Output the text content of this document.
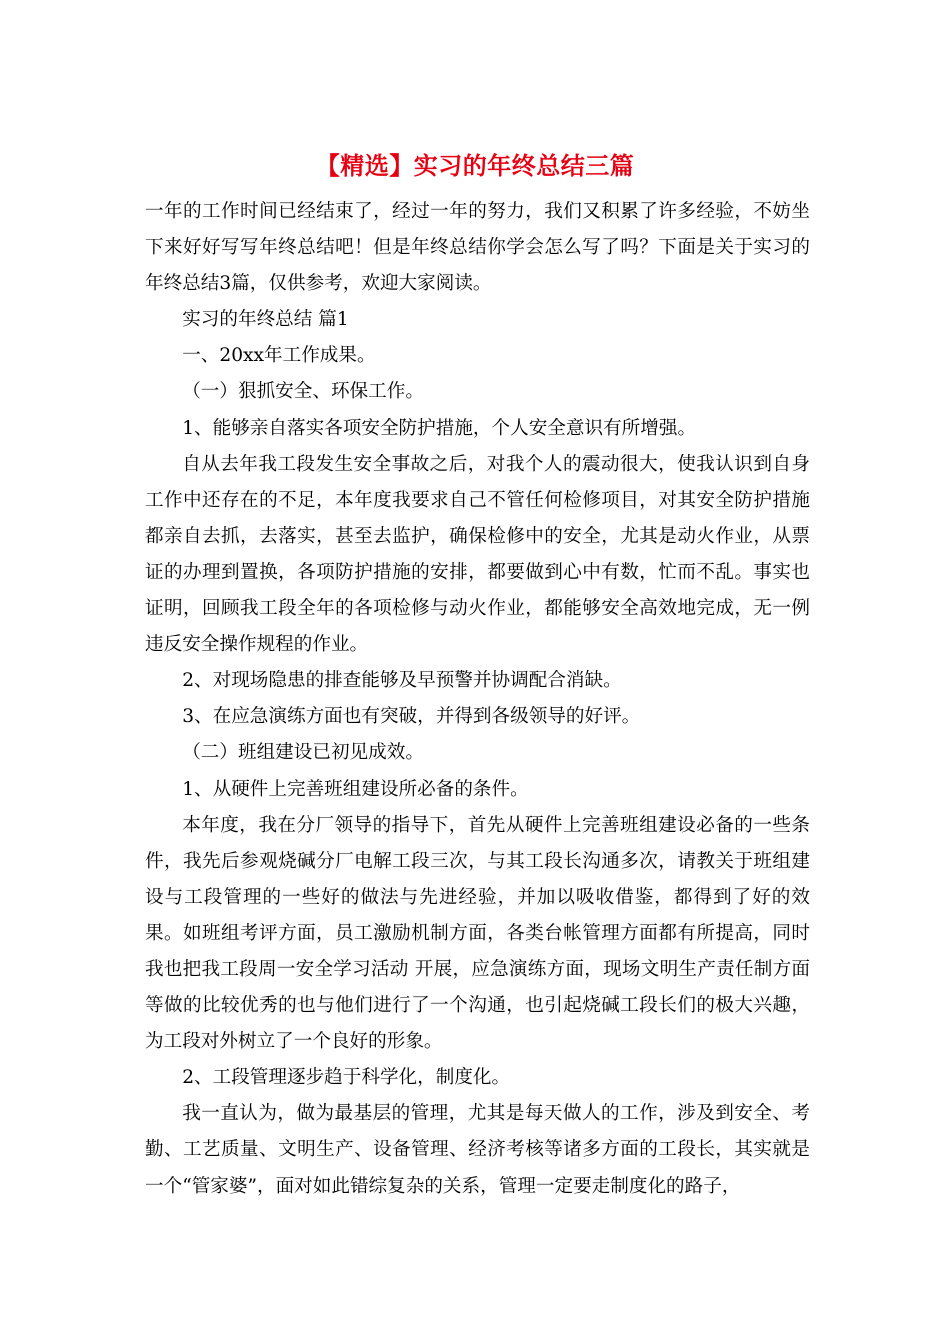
【精选】实习的年终总结三篇

一年的工作时间已经结束了，经过一年的努力，我们又积累了许多经验，不妨坐下来好好写写年终总结吧！但是年终总结你学会怎么写了吗？下面是关于实习的年终总结3篇，仅供参考，欢迎大家阅读。

实习的年终总结 篇1

一、20xx年工作成果。

（一）狠抓安全、环保工作。

1、能够亲自落实各项安全防护措施，个人安全意识有所增强。

自从去年我工段发生安全事故之后，对我个人的震动很大，使我认识到自身工作中还存在的不足，本年度我要求自己不管任何检修项目，对其安全防护措施都亲自去抓，去落实，甚至去监护，确保检修中的安全，尤其是动火作业，从票证的办理到置换，各项防护措施的安排，都要做到心中有数，忙而不乱。事实也证明，回顾我工段全年的各项检修与动火作业，都能够安全高效地完成，无一例违反安全操作规程的作业。

2、对现场隐患的排查能够及早预警并协调配合消缺。

3、在应急演练方面也有突破，并得到各级领导的好评。

（二）班组建设已初见成效。

1、从硬件上完善班组建设所必备的条件。

本年度，我在分厂领导的指导下，首先从硬件上完善班组建设必备的一些条件，我先后参观烧碱分厂电解工段三次，与其工段长沟通多次，请教关于班组建设与工段管理的一些好的做法与先进经验，并加以吸收借鉴，都得到了好的效果。如班组考评方面，员工激励机制方面，各类台帐管理方面都有所提高，同时我也把我工段周一安全学习活动 开展，应急演练方面，现场文明生产责任制方面等做的比较优秀的也与他们进行了一个沟通，也引起烧碱工段长们的极大兴趣，为工段对外树立了一个良好的形象。

2、工段管理逐步趋于科学化，制度化。

我一直认为，做为最基层的管理，尤其是每天做人的工作，涉及到安全、考勤、工艺质量、文明生产、设备管理、经济考核等诸多方面的工段长，其实就是一个“管家婆”，面对如此错综复杂的关系，管理一定要走制度化的路子，
